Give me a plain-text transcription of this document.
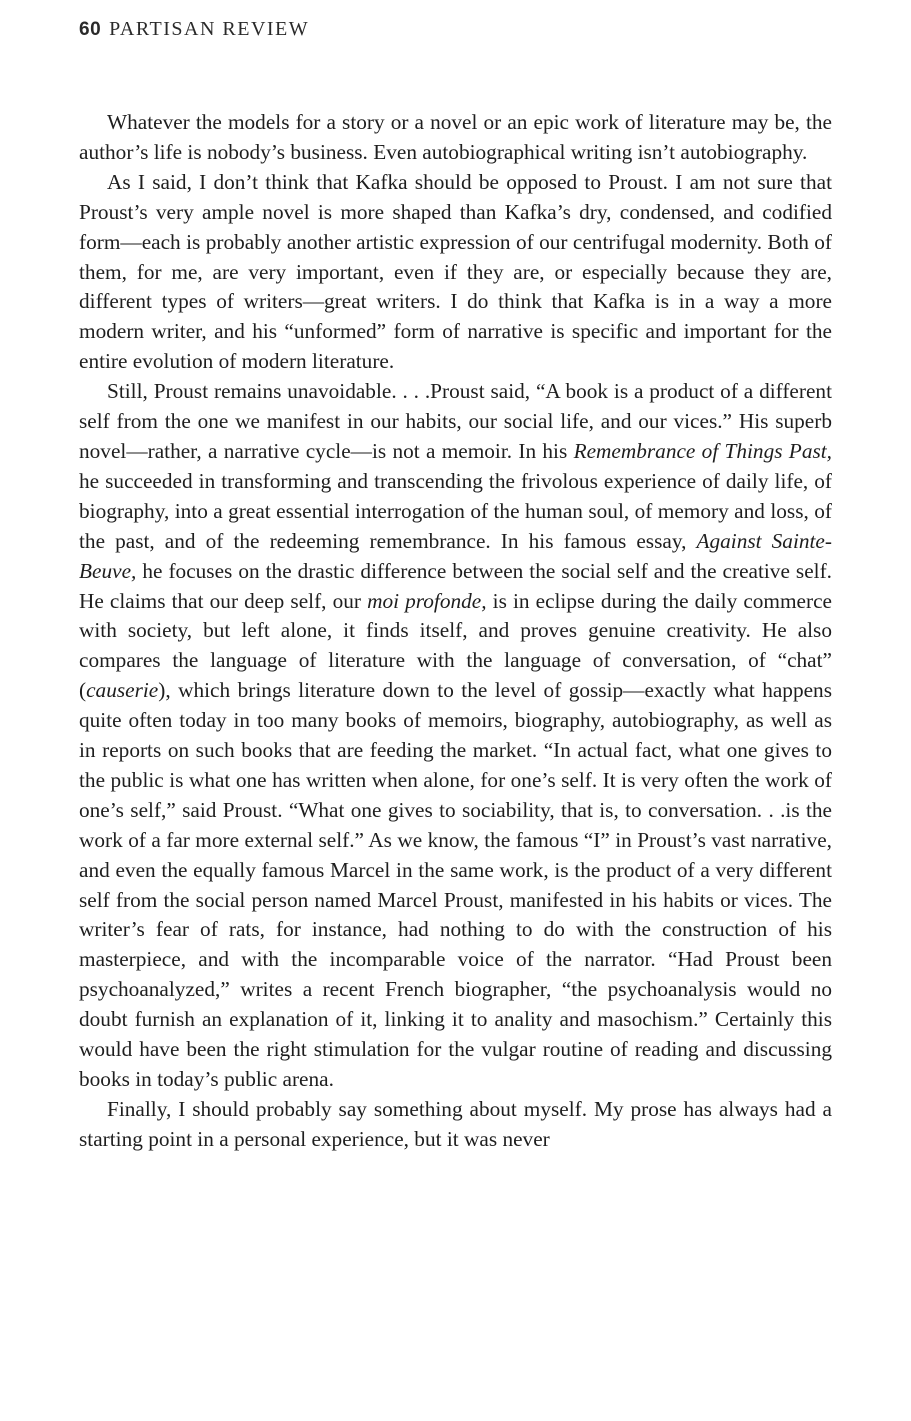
60 PARTISAN REVIEW

Whatever the models for a story or a novel or an epic work of literature may be, the author’s life is nobody’s business. Even autobiographical writing isn’t autobiography.

As I said, I don’t think that Kafka should be opposed to Proust. I am not sure that Proust’s very ample novel is more shaped than Kafka’s dry, condensed, and codified form—each is probably another artistic expression of our centrifugal modernity. Both of them, for me, are very important, even if they are, or especially because they are, different types of writers—great writers. I do think that Kafka is in a way a more modern writer, and his “unformed” form of narrative is specific and important for the entire evolution of modern literature.

Still, Proust remains unavoidable. . . .Proust said, “A book is a product of a different self from the one we manifest in our habits, our social life, and our vices.” His superb novel—rather, a narrative cycle—is not a memoir. In his Remembrance of Things Past, he succeeded in transforming and transcending the frivolous experience of daily life, of biography, into a great essential interrogation of the human soul, of memory and loss, of the past, and of the redeeming remembrance. In his famous essay, Against Sainte-Beuve, he focuses on the drastic difference between the social self and the creative self. He claims that our deep self, our moi profonde, is in eclipse during the daily commerce with society, but left alone, it finds itself, and proves genuine creativity. He also compares the language of literature with the language of conversation, of “chat” (causerie), which brings literature down to the level of gossip—exactly what happens quite often today in too many books of memoirs, biography, autobiography, as well as in reports on such books that are feeding the market. “In actual fact, what one gives to the public is what one has written when alone, for one’s self. It is very often the work of one’s self,” said Proust. “What one gives to sociability, that is, to conversation. . .is the work of a far more external self.” As we know, the famous “I” in Proust’s vast narrative, and even the equally famous Marcel in the same work, is the product of a very different self from the social person named Marcel Proust, manifested in his habits or vices. The writer’s fear of rats, for instance, had nothing to do with the construction of his masterpiece, and with the incomparable voice of the narrator. “Had Proust been psychoanalyzed,” writes a recent French biographer, “the psychoanalysis would no doubt furnish an explanation of it, linking it to anality and masochism.” Certainly this would have been the right stimulation for the vulgar routine of reading and discussing books in today’s public arena.

Finally, I should probably say something about myself. My prose has always had a starting point in a personal experience, but it was never
